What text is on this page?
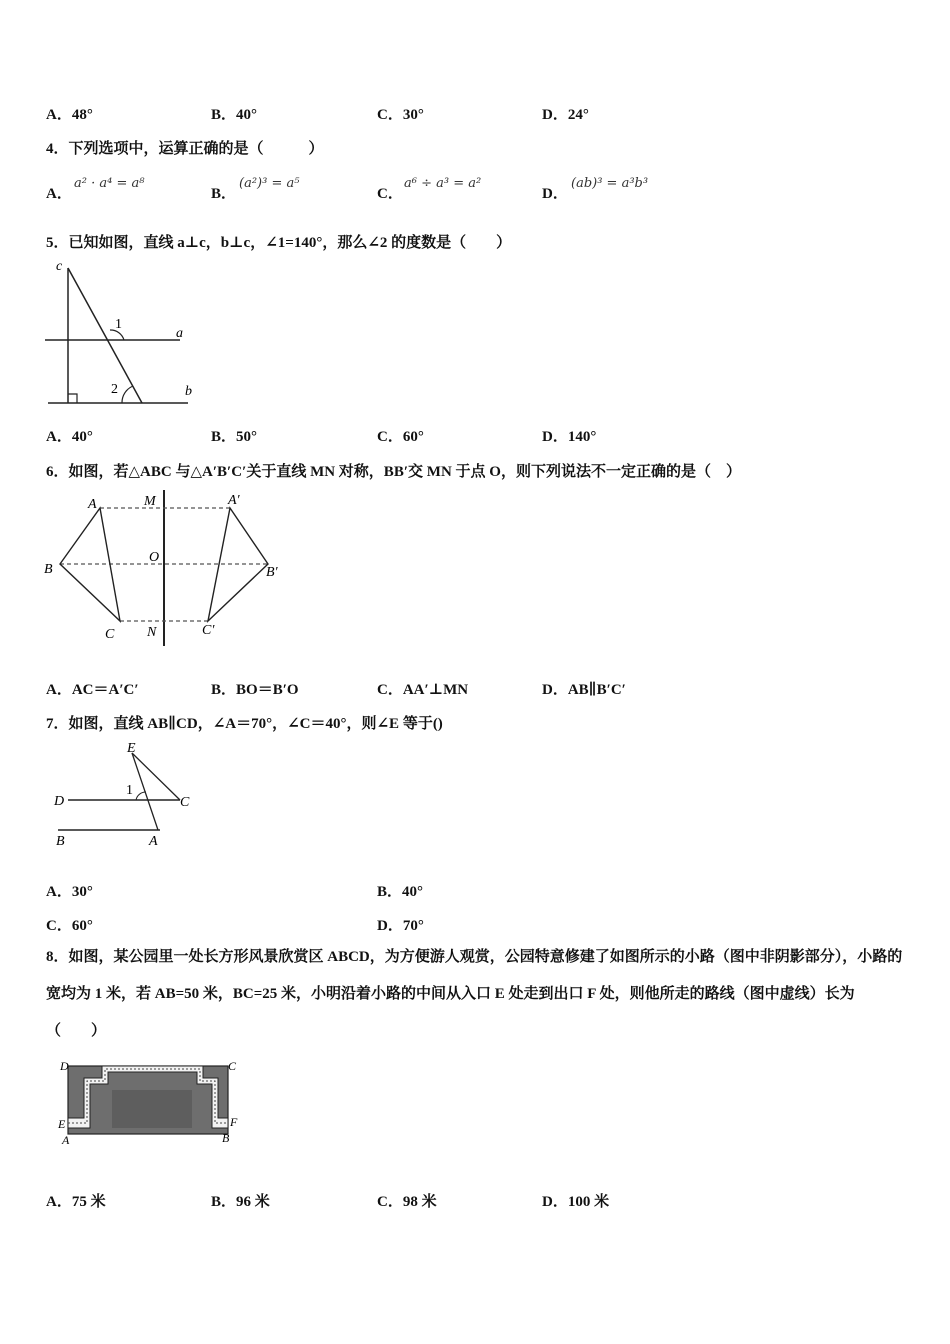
A．48°	B．40°	C．30°	D．24°
4．下列选项中，运算正确的是（　　　）
A．
a² · a⁴ = a⁸
B．
(a²)³ = a⁵
C．
a⁶ ÷ a³ = a²
D．
(ab)³ = a³b³
5．已知如图，直线 a⊥c，b⊥c，∠1=140°，那么∠2 的度数是（　　）
c
a
b
1
2
A．40°	B．50°	C．60°	D．140°
6．如图，若△ABC 与△A′B′C′关于直线 MN 对称，BB′交 MN 于点 O，则下列说法不一定正确的是（　）
A
B
C
M
O
N
A′
B′
C′
A．AC＝A′C′	B．BO＝B′O	C．AA′⊥MN	D．AB∥B′C′
7．如图，直线 AB∥CD，∠A＝70°，∠C＝40°，则∠E 等于()
E
D	C
B	A
1
A．30°	B．40°
C．60°	D．70°
8．如图，某公园里一处长方形风景欣赏区 ABCD，为方便游人观赏，公园特意修建了如图所示的小路（图中非阴影部分），小路的宽均为 1 米，若 AB=50 米，BC=25 米，小明沿着小路的中间从入口 E 处走到出口 F 处，则他所走的路线（图中虚线）长为（　　）
D	C
E	F
A	B
A．75 米	B．96 米	C．98 米	D．100 米
